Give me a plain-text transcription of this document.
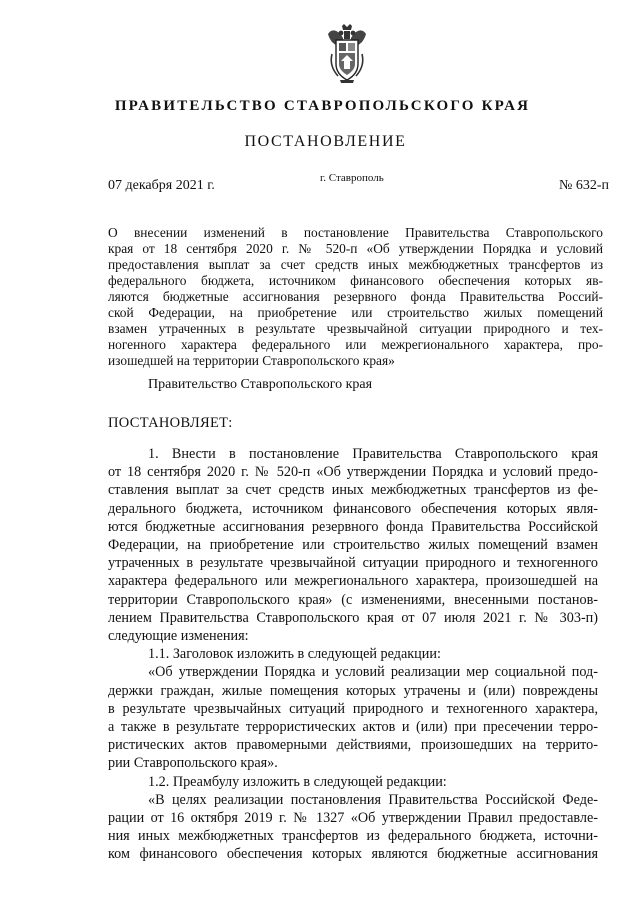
ПРАВИТЕЛЬСТВО СТАВРОПОЛЬСКОГО КРАЯ
ПОСТАНОВЛЕНИЕ
07 декабря 2021 г.	г. Ставрополь	№ 632-п
О внесении изменений в постановление Правительства Ставропольского
края от 18 сентября 2020 г. № 520-п «Об утверждении Порядка и условий
предоставления выплат за счет средств иных межбюджетных трансфертов из
федерального бюджета, источником финансового обеспечения которых яв-
ляются бюджетные ассигнования резервного фонда Правительства Россий-
ской Федерации, на приобретение или строительство жилых помещений
взамен утраченных в результате чрезвычайной ситуации природного и тех-
ногенного характера федерального или межрегионального характера, про-
изошедшей на территории Ставропольского края»
Правительство Ставропольского края
ПОСТАНОВЛЯЕТ:
1. Внести в постановление Правительства Ставропольского края
от 18 сентября 2020 г. № 520-п «Об утверждении Порядка и условий предо-
ставления выплат за счет средств иных межбюджетных трансфертов из фе-
дерального бюджета, источником финансового обеспечения которых явля-
ются бюджетные ассигнования резервного фонда Правительства Российской
Федерации, на приобретение или строительство жилых помещений взамен
утраченных в результате чрезвычайной ситуации природного и техногенного
характера федерального или межрегионального характера, произошедшей на
территории Ставропольского края» (с изменениями, внесенными постанов-
лением Правительства Ставропольского края от 07 июля 2021 г. № 303-п)
следующие изменения:
1.1. Заголовок изложить в следующей редакции:
«Об утверждении Порядка и условий реализации мер социальной под-
держки граждан, жилые помещения которых утрачены и (или) повреждены
в результате чрезвычайных ситуаций природного и техногенного характера,
а также в результате террористических актов и (или) при пресечении терро-
ристических актов правомерными действиями, произошедших на террито-
рии Ставропольского края».
1.2. Преамбулу изложить в следующей редакции:
«В целях реализации постановления Правительства Российской Феде-
рации от 16 октября 2019 г. № 1327 «Об утверждении Правил предоставле-
ния иных межбюджетных трансфертов из федерального бюджета, источни-
ком финансового обеспечения которых являются бюджетные ассигнования
